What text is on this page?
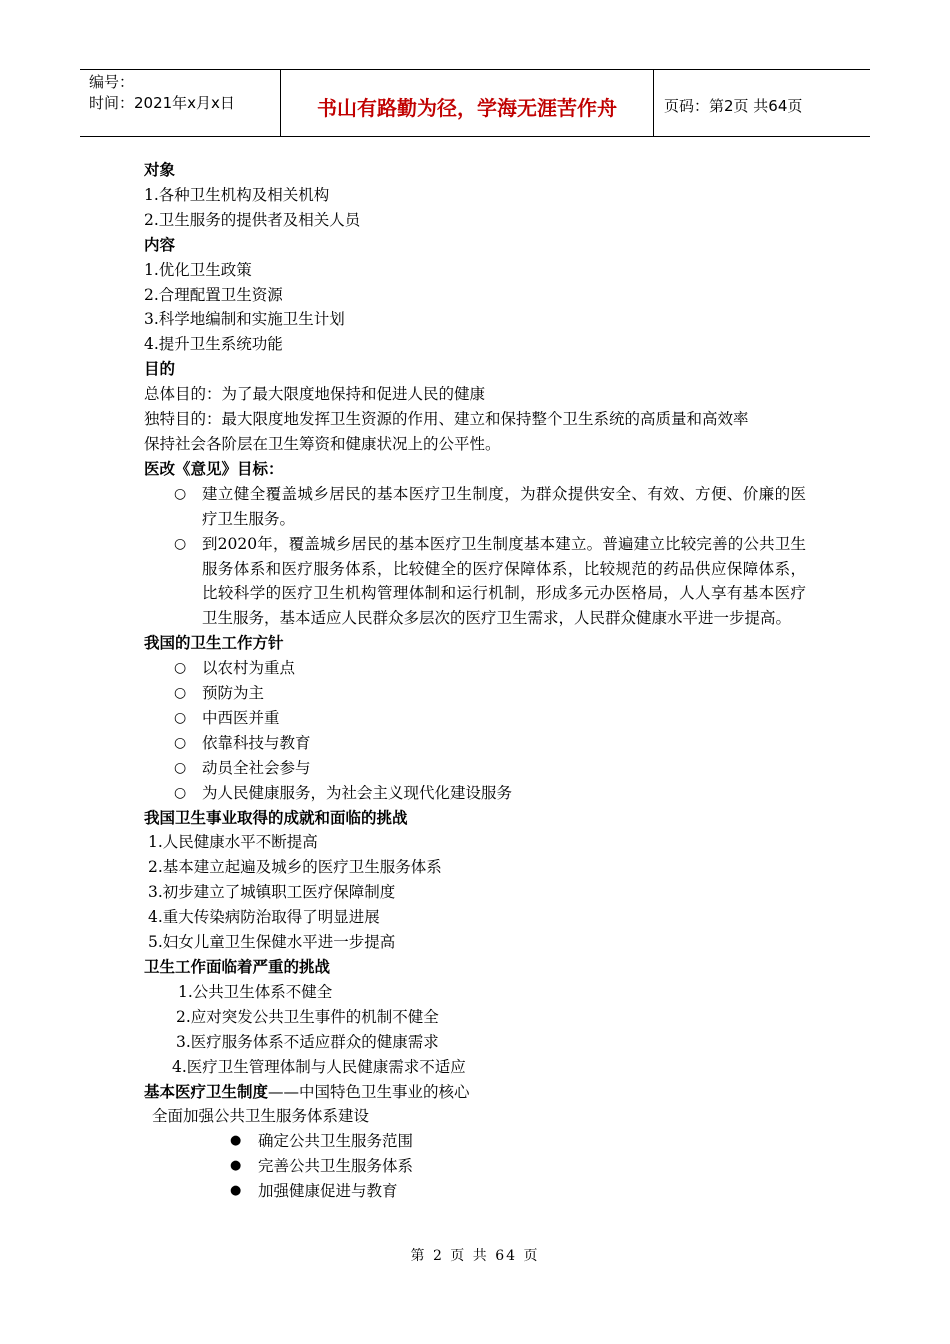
编号：
时间：2021年x月x日	书山有路勤为径，学海无涯苦作舟	页码：第2页 共64页
对象
1.各种卫生机构及相关机构
2.卫生服务的提供者及相关人员
内容
1.优化卫生政策
2.合理配置卫生资源
3.科学地编制和实施卫生计划
4.提升卫生系统功能
目的
总体目的：为了最大限度地保持和促进人民的健康
独特目的：最大限度地发挥卫生资源的作用、建立和保持整个卫生系统的高质量和高效率
保持社会各阶层在卫生筹资和健康状况上的公平性。
医改《意见》目标：
○ 建立健全覆盖城乡居民的基本医疗卫生制度，为群众提供安全、有效、方便、价廉的医疗卫生服务。
○ 到2020年，覆盖城乡居民的基本医疗卫生制度基本建立。普遍建立比较完善的公共卫生服务体系和医疗服务体系，比较健全的医疗保障体系，比较规范的药品供应保障体系，比较科学的医疗卫生机构管理体制和运行机制，形成多元办医格局，人人享有基本医疗卫生服务，基本适应人民群众多层次的医疗卫生需求，人民群众健康水平进一步提高。
我国的卫生工作方针
○ 以农村为重点
○ 预防为主
○ 中西医并重
○ 依靠科技与教育
○ 动员全社会参与
○ 为人民健康服务，为社会主义现代化建设服务
我国卫生事业取得的成就和面临的挑战
1.人民健康水平不断提高
2.基本建立起遍及城乡的医疗卫生服务体系
3.初步建立了城镇职工医疗保障制度
4.重大传染病防治取得了明显进展
5.妇女儿童卫生保健水平进一步提高
卫生工作面临着严重的挑战
1.公共卫生体系不健全
2.应对突发公共卫生事件的机制不健全
3.医疗服务体系不适应群众的健康需求
4.医疗卫生管理体制与人民健康需求不适应
基本医疗卫生制度——中国特色卫生事业的核心
全面加强公共卫生服务体系建设
● 确定公共卫生服务范围
● 完善公共卫生服务体系
● 加强健康促进与教育
第 2 页 共 64 页
